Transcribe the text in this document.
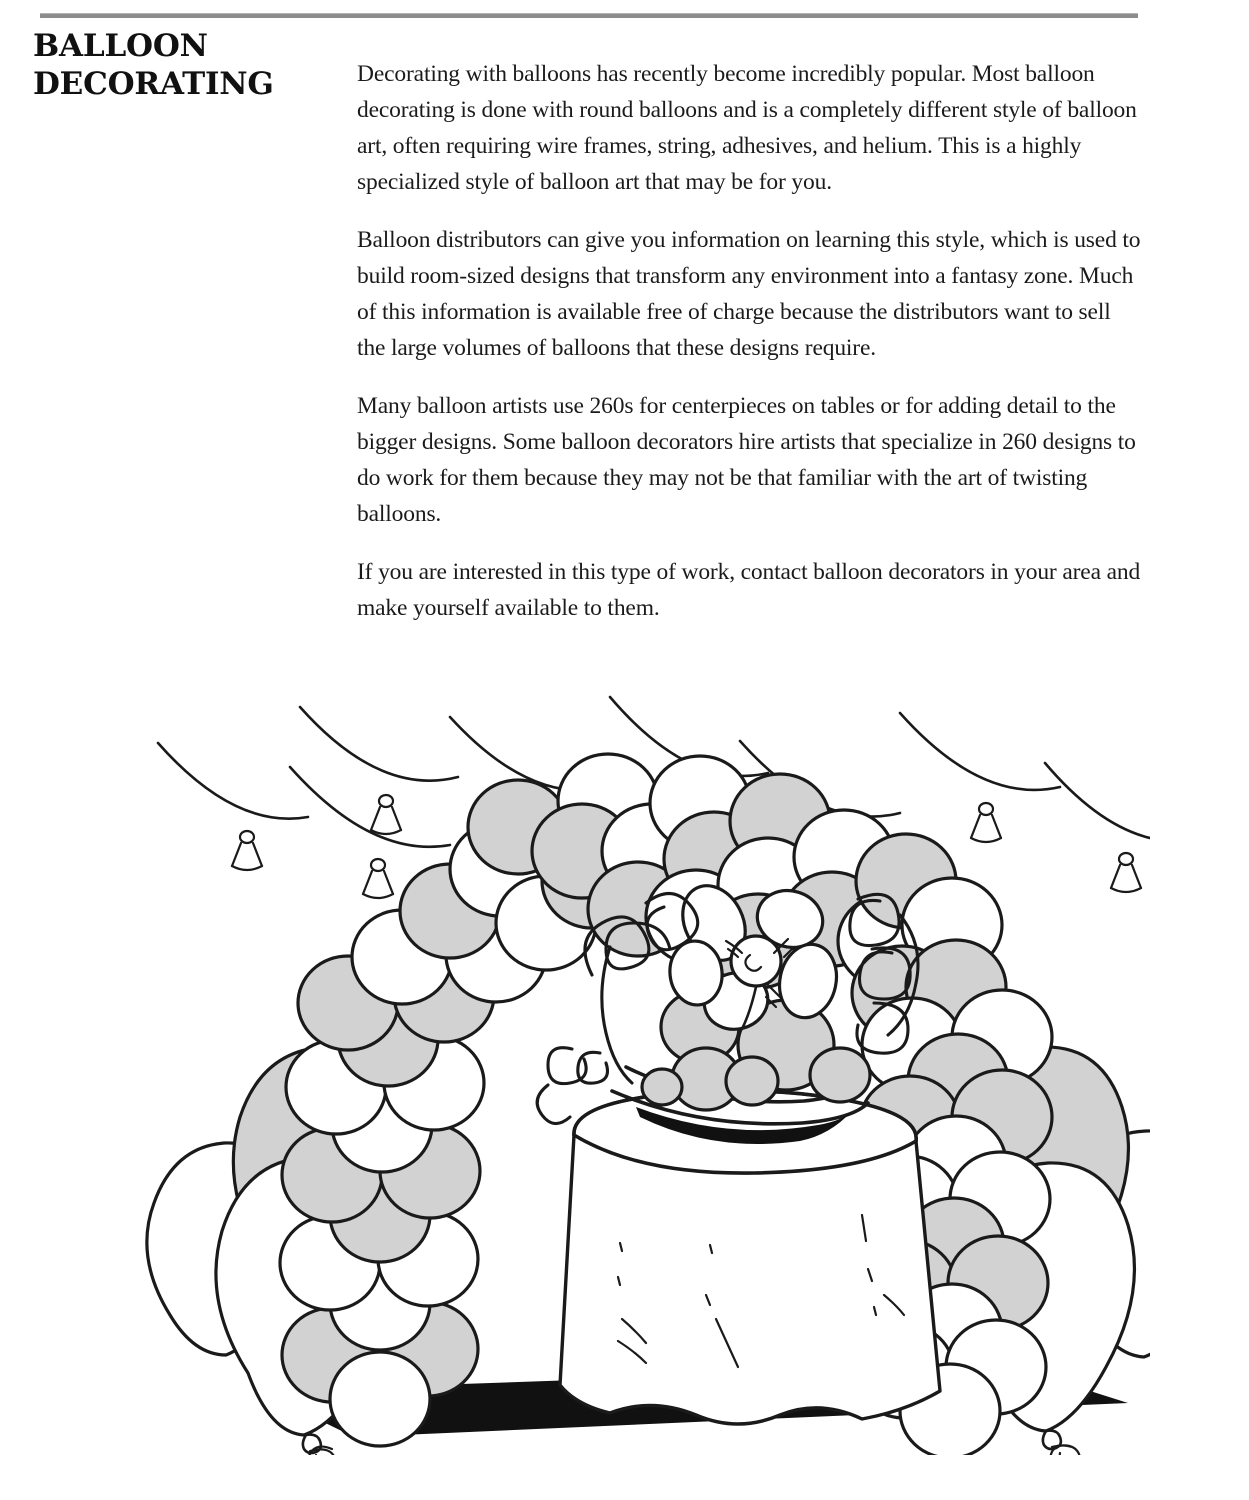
BALLOON
DECORATING	Decorating with balloons has recently become incredibly popular. Most balloon decorating is done with round balloons and is a completely different style of balloon art, often requiring wire frames, string, adhesives, and helium. This is a highly specialized style of balloon art that may be for you.

Balloon distributors can give you information on learning this style, which is used to build room-sized designs that transform any environment into a fantasy zone. Much of this information is available free of charge because the distributors want to sell the large volumes of balloons that these designs require.

Many balloon artists use 260s for centerpieces on tables or for adding detail to the bigger designs. Some balloon decorators hire artists that specialize in 260 designs to do work for them because they may not be that familiar with the art of twisting balloons.

If you are interested in this type of work, contact balloon decorators in your area and make yourself available to them.
